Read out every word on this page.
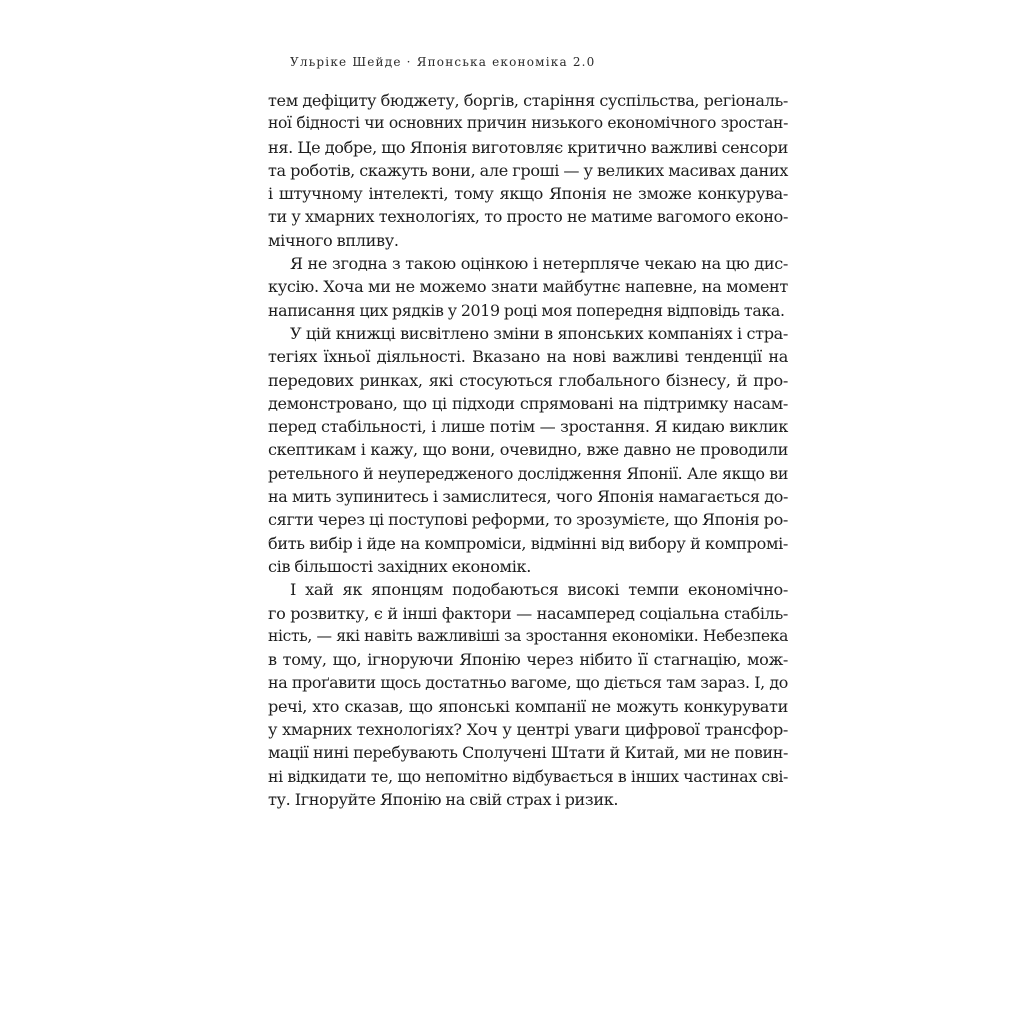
Ульріке Шейде · Японська економіка 2.0
тем дефіциту бюджету, боргів, старіння суспільства, регіональ-
ної бідності чи основних причин низького економічного зростан-
ня. Це добре, що Японія виготовляє критично важливі сенсори
та роботів, скажуть вони, але гроші — у великих масивах даних
і штучному інтелекті, тому якщо Японія не зможе конкурува-
ти у хмарних технологіях, то просто не матиме вагомого еконо-
мічного впливу.
Я не згодна з такою оцінкою і нетерпляче чекаю на цю дис-
кусію. Хоча ми не можемо знати майбутнє напевне, на момент
написання цих рядків у 2019 році моя попередня відповідь така.
У цій книжці висвітлено зміни в японських компаніях і стра-
тегіях їхньої діяльності. Вказано на нові важливі тенденції на
передових ринках, які стосуються глобального бізнесу, й про-
демонстровано, що ці підходи спрямовані на підтримку насам-
перед стабільності, і лише потім — зростання. Я кидаю виклик
скептикам і кажу, що вони, очевидно, вже давно не проводили
ретельного й неупередженого дослідження Японії. Але якщо ви
на мить зупинитесь і замислитеся, чого Японія намагається до-
сягти через ці поступові реформи, то зрозумієте, що Японія ро-
бить вибір і йде на компроміси, відмінні від вибору й компромі-
сів більшості західних економік.
І хай як японцям подобаються високі темпи економічно-
го розвитку, є й інші фактори — насамперед соціальна стабіль-
ність, — які навіть важливіші за зростання економіки. Небезпека
в тому, що, ігноруючи Японію через нібито її стагнацію, мож-
на проґавити щось достатньо вагоме, що діється там зараз. І, до
речі, хто сказав, що японські компанії не можуть конкурувати
у хмарних технологіях? Хоч у центрі уваги цифрової трансфор-
мації нині перебувають Сполучені Штати й Китай, ми не повин-
ні відкидати те, що непомітно відбувається в інших частинах сві-
ту. Ігноруйте Японію на свій страх і ризик.
